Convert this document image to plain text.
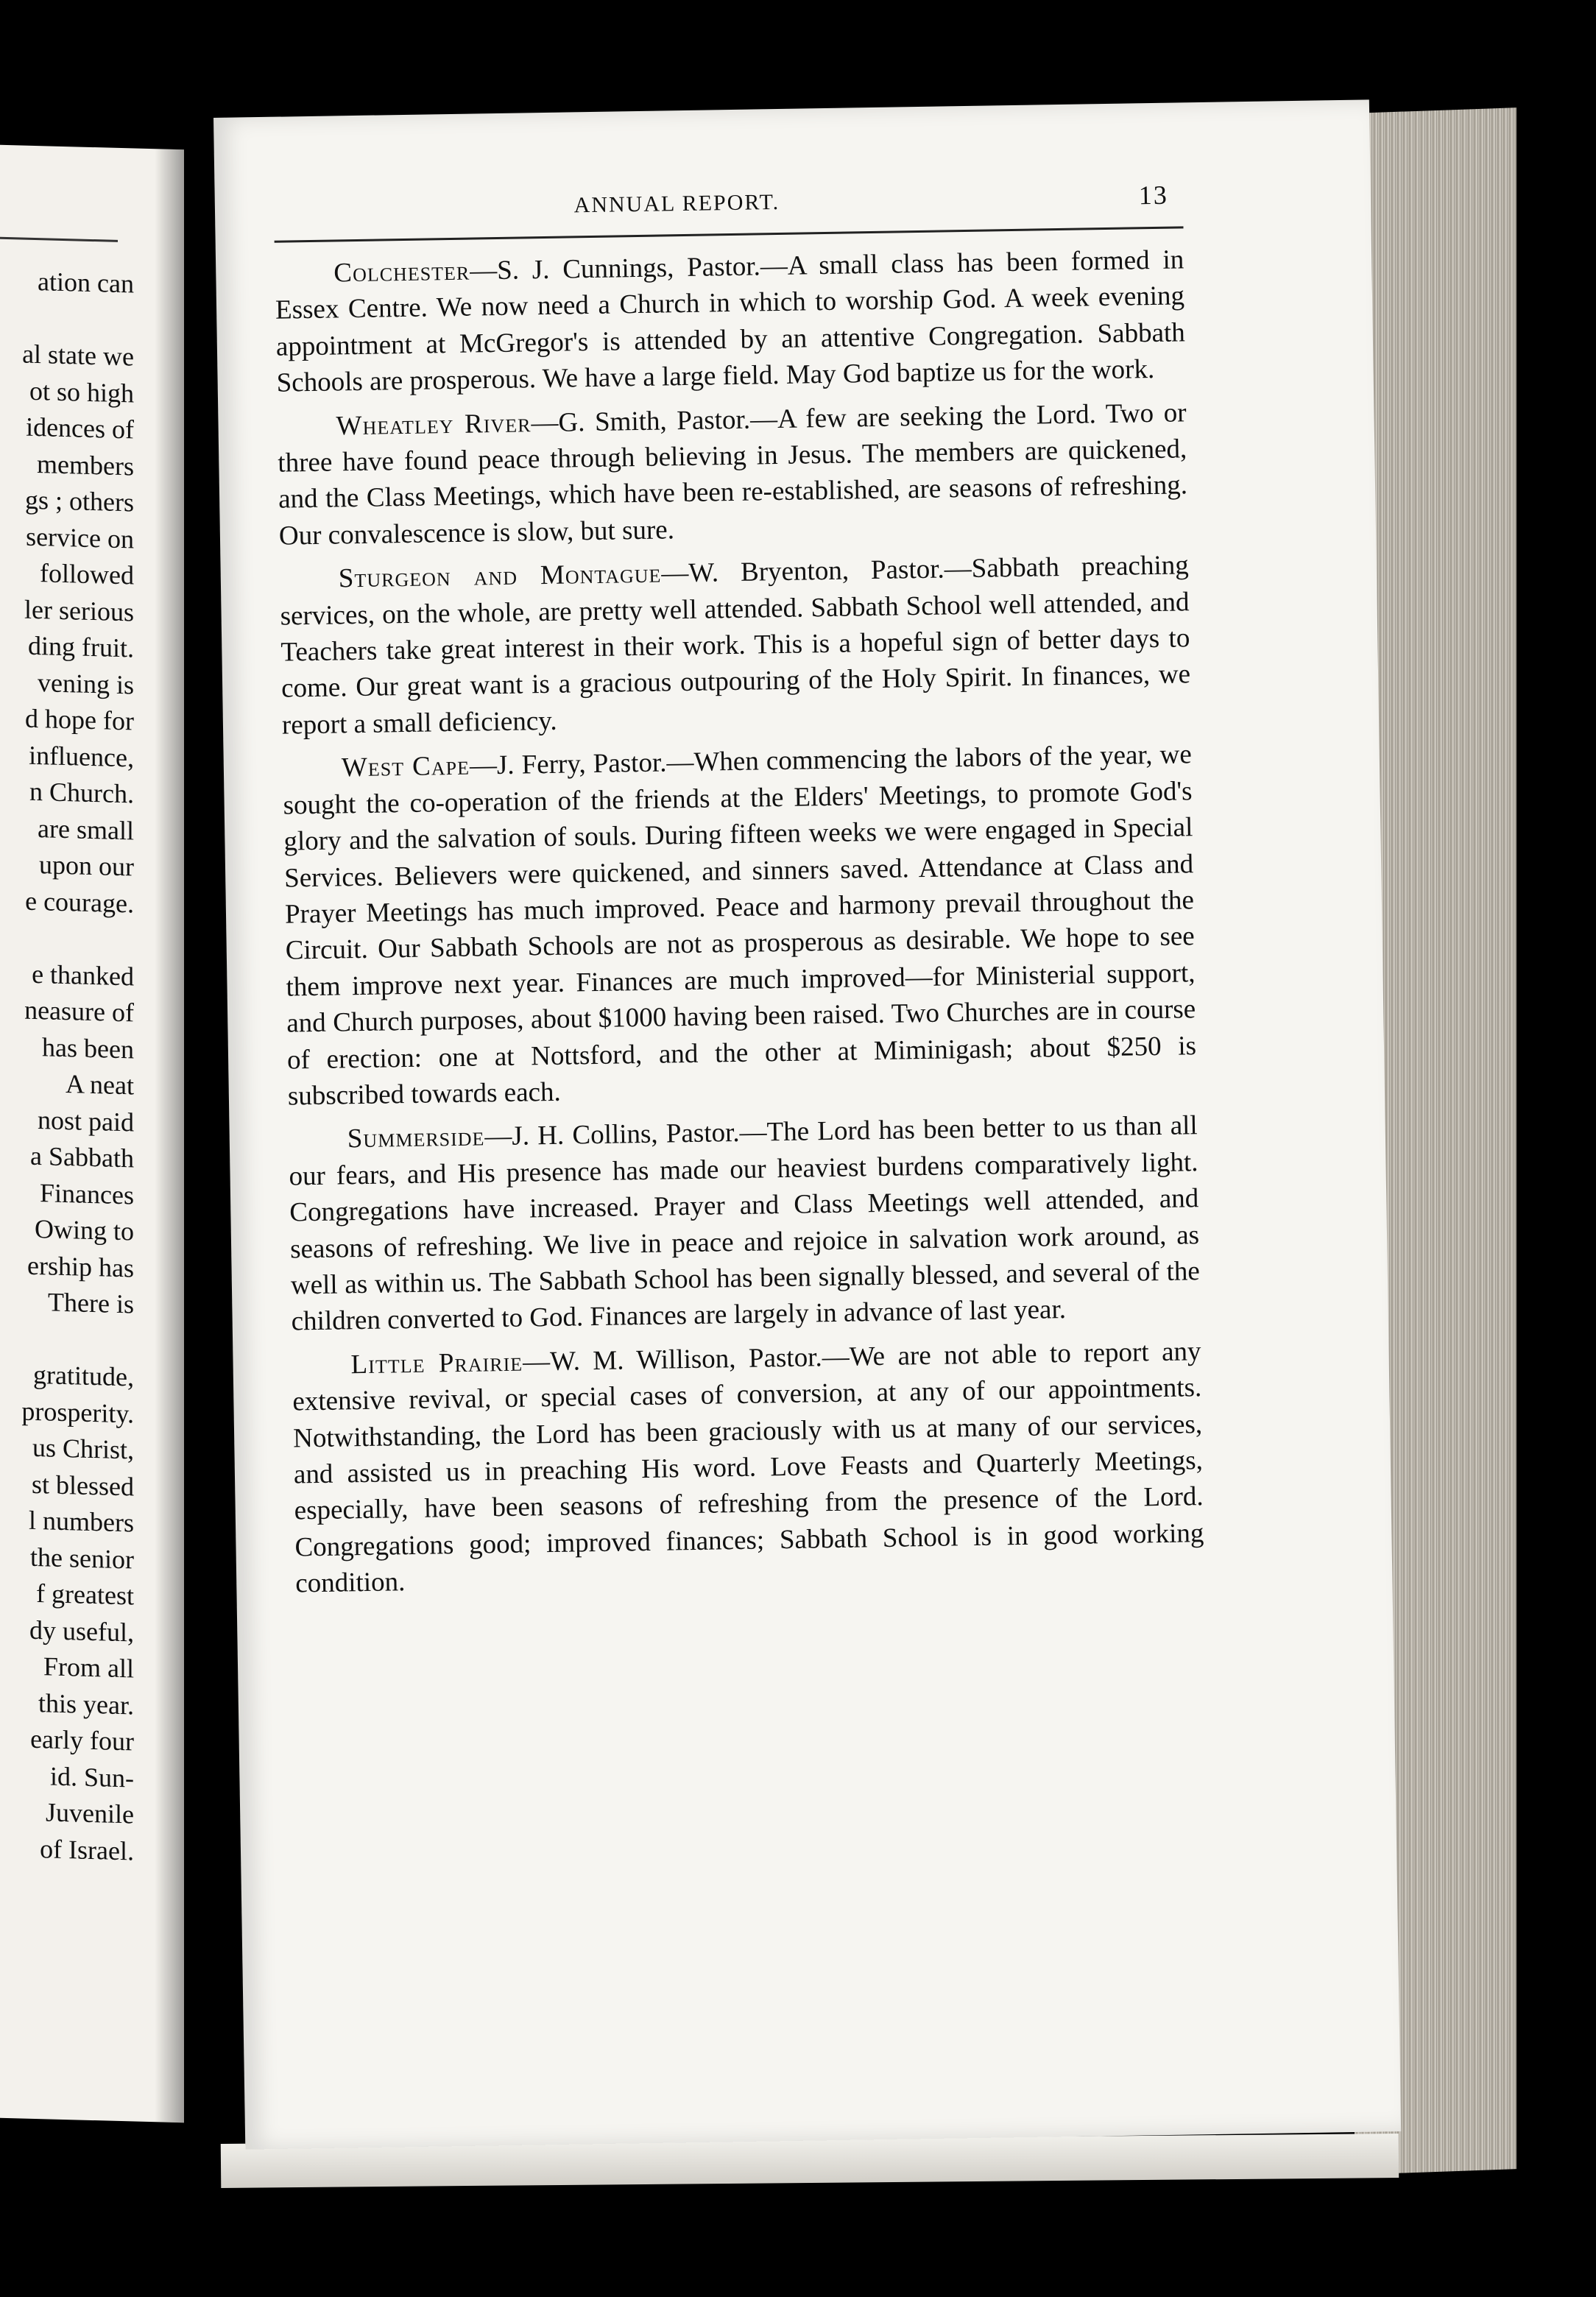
ation can

al state we
ot so high
idences of
members
gs ; others
service on
followed
ler serious
ding fruit.
vening is
d hope for
influence,
n Church.
are small
upon our
e courage.

e thanked
neasure of
has been
A neat
nost paid
a Sabbath
Finances
Owing to
ership has
There is

gratitude,
prosperity.
us Christ,
st blessed
l numbers
the senior
f greatest
dy useful,
From all
this year.
early four
id. Sun-
Juvenile
of Israel.
ANNUAL REPORT.	13

Colchester—S. J. Cunnings, Pastor.—A small class has been formed in Essex Centre. We now need a Church in which to worship God. A week evening appointment at McGregor's is attended by an attentive Congregation. Sabbath Schools are prosperous. We have a large field. May God baptize us for the work.

Wheatley River—G. Smith, Pastor.—A few are seeking the Lord. Two or three have found peace through believing in Jesus. The members are quickened, and the Class Meetings, which have been re-established, are seasons of refreshing. Our convalescence is slow, but sure.

Sturgeon and Montague—W. Bryenton, Pastor.—Sabbath preaching services, on the whole, are pretty well attended. Sabbath School well attended, and Teachers take great interest in their work. This is a hopeful sign of better days to come. Our great want is a gracious outpouring of the Holy Spirit. In finances, we report a small deficiency.

West Cape—J. Ferry, Pastor.—When commencing the labors of the year, we sought the co-operation of the friends at the Elders' Meetings, to promote God's glory and the salvation of souls. During fifteen weeks we were engaged in Special Services. Believers were quickened, and sinners saved. Attendance at Class and Prayer Meetings has much improved. Peace and harmony prevail throughout the Circuit. Our Sabbath Schools are not as prosperous as desirable. We hope to see them improve next year. Finances are much improved—for Ministerial support, and Church purposes, about $1000 having been raised. Two Churches are in course of erection: one at Nottsford, and the other at Miminigash; about $250 is subscribed towards each.

Summerside—J. H. Collins, Pastor.—The Lord has been better to us than all our fears, and His presence has made our heaviest burdens comparatively light. Congregations have increased. Prayer and Class Meetings well attended, and seasons of refreshing. We live in peace and rejoice in salvation work around, as well as within us. The Sabbath School has been signally blessed, and several of the children converted to God. Finances are largely in advance of last year.

Little Prairie—W. M. Willison, Pastor.—We are not able to report any extensive revival, or special cases of conversion, at any of our appointments. Notwithstanding, the Lord has been graciously with us at many of our services, and assisted us in preaching His word. Love Feasts and Quarterly Meetings, especially, have been seasons of refreshing from the presence of the Lord. Congregations good; improved finances; Sabbath School is in good working condition.
